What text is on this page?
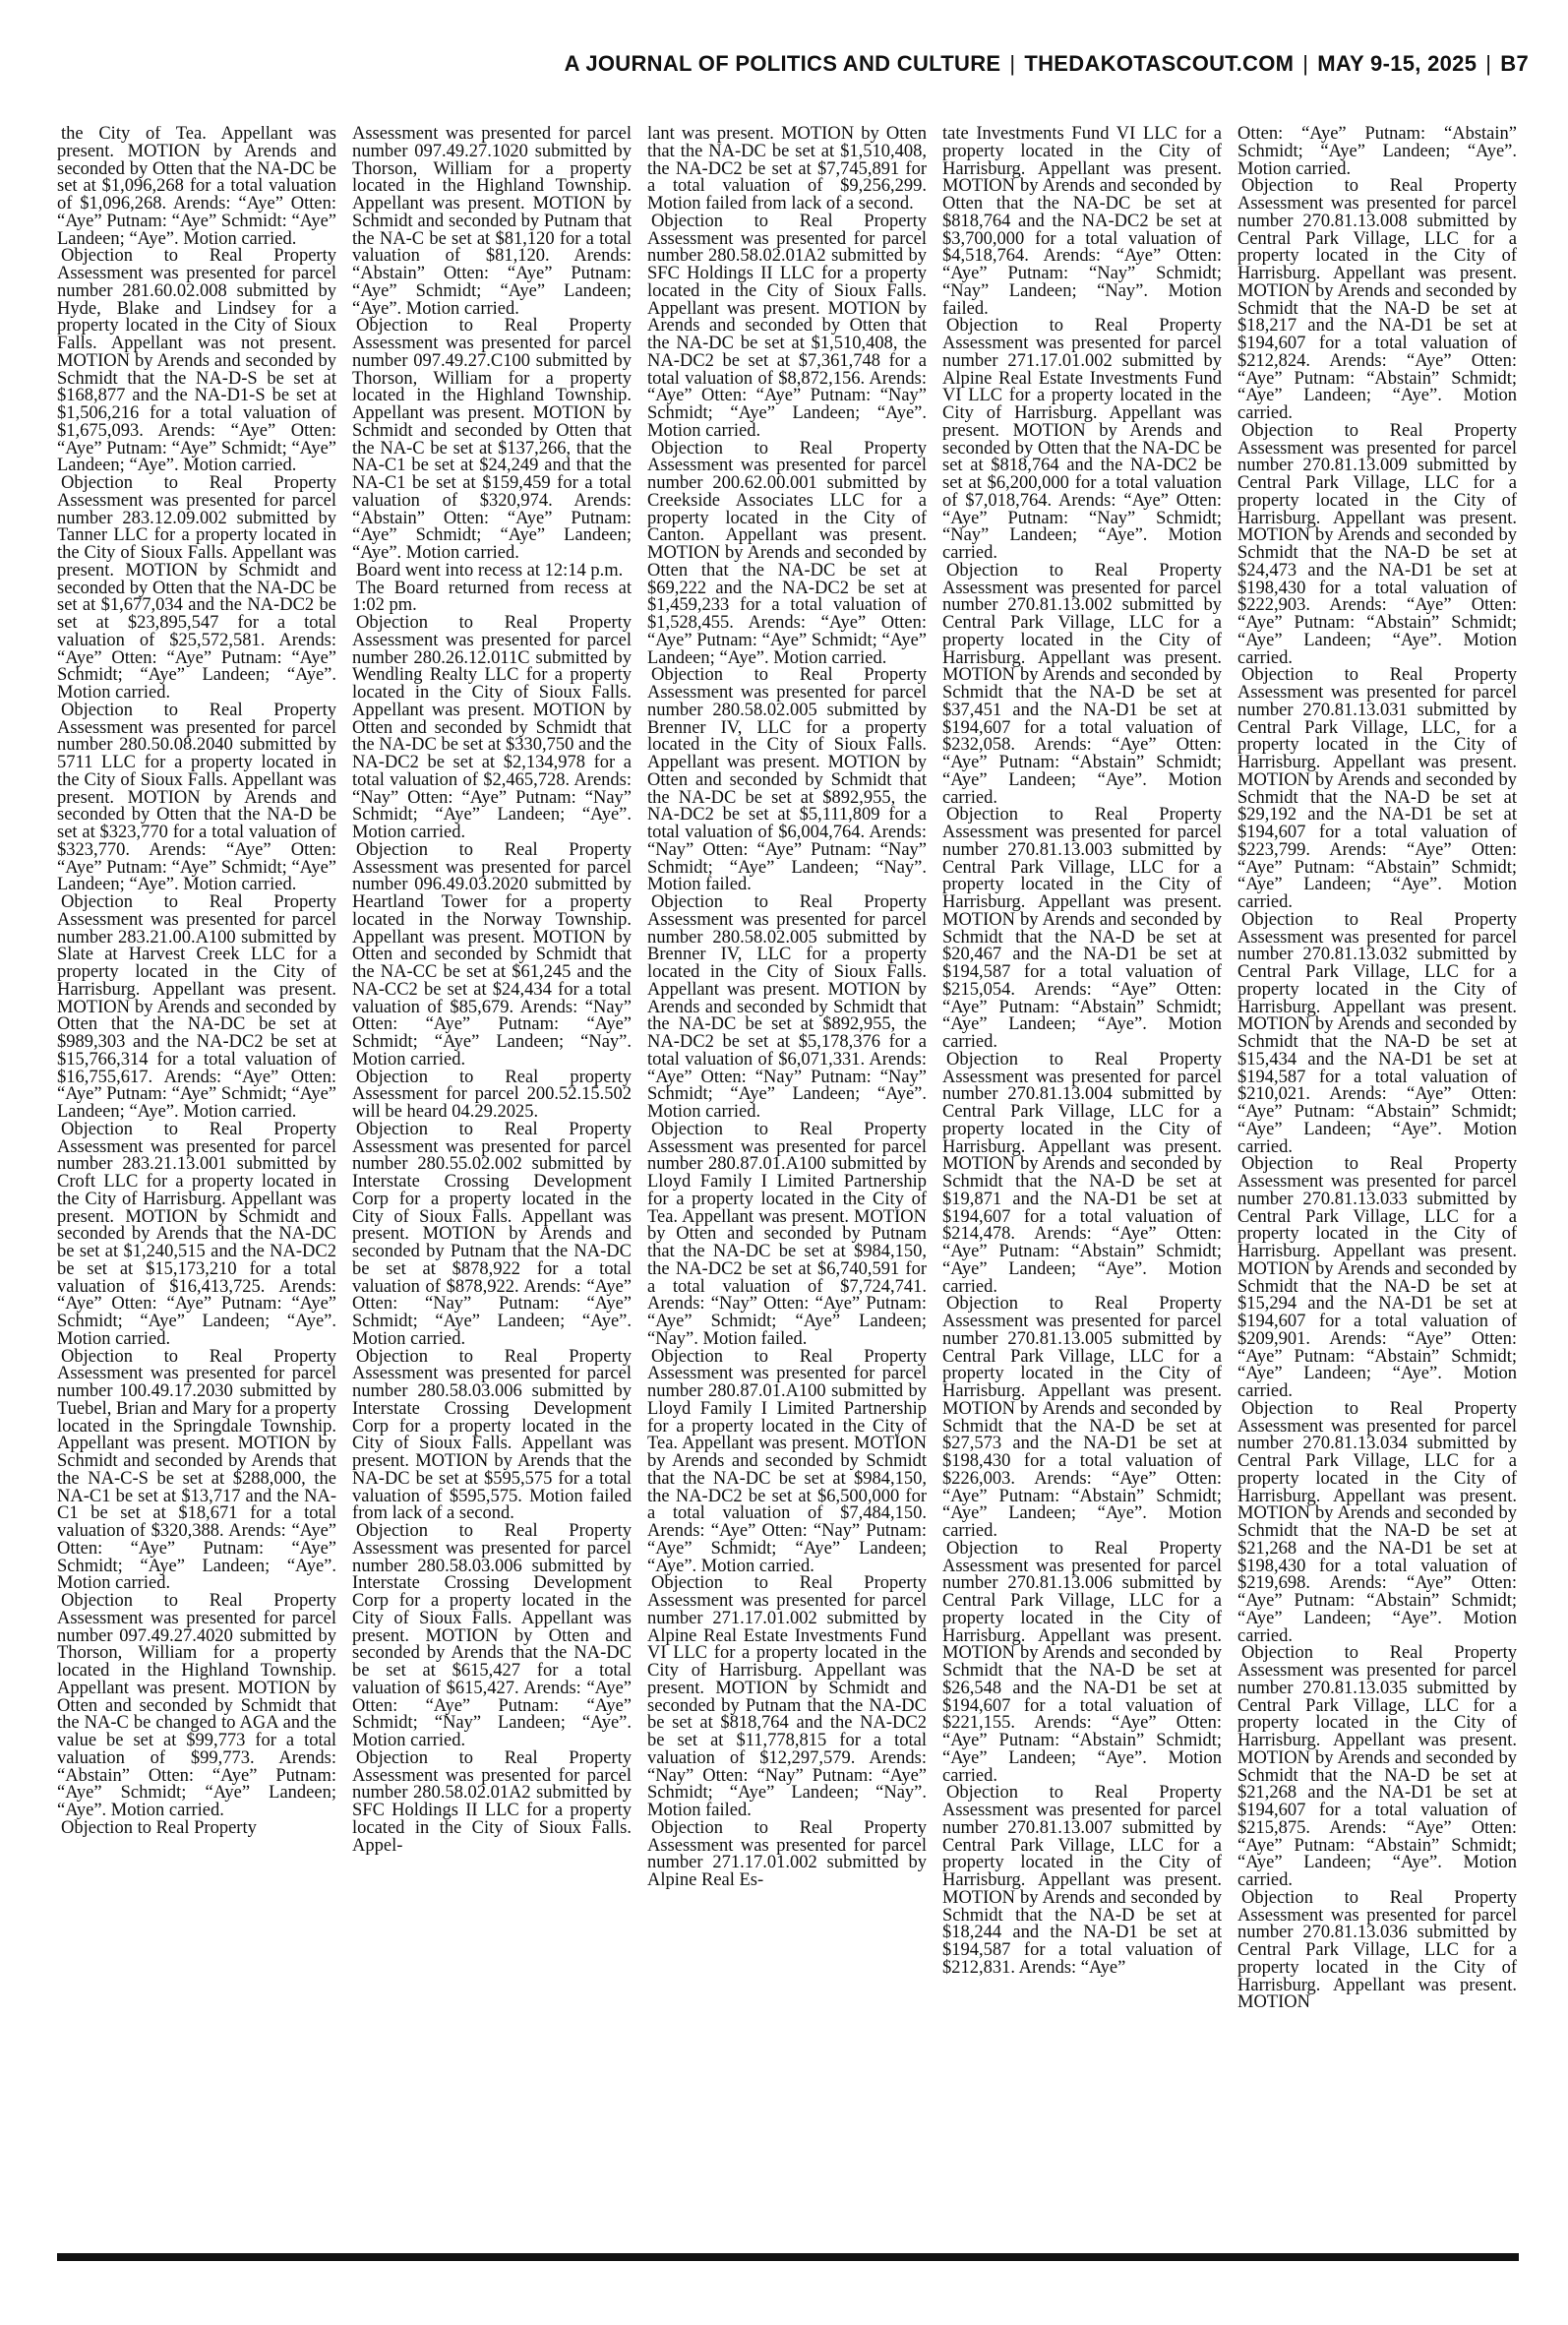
A JOURNAL OF POLITICS AND CULTURE | THEDAKOTASCOUT.COM | MAY 9-15, 2025 | B7

the City of Tea. Appellant was present. MOTION by Arends and seconded by Otten that the NA-DC be set at $1,096,268 for a total valuation of $1,096,268. Arends: “Aye” Otten: “Aye” Putnam: “Aye” Schmidt: “Aye” Landeen; “Aye”. Motion carried.

Objection to Real Property Assessment was presented for parcel number 281.60.02.008 submitted by Hyde, Blake and Lindsey for a property located in the City of Sioux Falls. Appellant was not present. MOTION by Arends and seconded by Schmidt that the NA-D-S be set at $168,877 and the NA-D1-S be set at $1,506,216 for a total valuation of $1,675,093. Arends: “Aye” Otten: “Aye” Putnam: “Aye” Schmidt; “Aye” Landeen; “Aye”. Motion carried.

Objection to Real Property Assessment was presented for parcel number 283.12.09.002 submitted by Tanner LLC for a property located in the City of Sioux Falls. Appellant was present. MOTION by Schmidt and seconded by Otten that the NA-DC be set at $1,677,034 and the NA-DC2 be set at $23,895,547 for a total valuation of $25,572,581. Arends: “Aye” Otten: “Aye” Putnam: “Aye” Schmidt; “Aye” Landeen; “Aye”. Motion carried.

Objection to Real Property Assessment was presented for parcel number 280.50.08.2040 submitted by 5711 LLC for a property located in the City of Sioux Falls. Appellant was present. MOTION by Arends and seconded by Otten that the NA-D be set at $323,770 for a total valuation of $323,770. Arends: “Aye” Otten: “Aye” Putnam: “Aye” Schmidt; “Aye” Landeen; “Aye”. Motion carried.

Objection to Real Property Assessment was presented for parcel number 283.21.00.A100 submitted by Slate at Harvest Creek LLC for a property located in the City of Harrisburg. Appellant was present. MOTION by Arends and seconded by Otten that the NA-DC be set at $989,303 and the NA-DC2 be set at $15,766,314 for a total valuation of $16,755,617. Arends: “Aye” Otten: “Aye” Putnam: “Aye” Schmidt; “Aye” Landeen; “Aye”. Motion carried.

Objection to Real Property Assessment was presented for parcel number 283.21.13.001 submitted by Croft LLC for a property located in the City of Harrisburg. Appellant was present. MOTION by Schmidt and seconded by Arends that the NA-DC be set at $1,240,515 and the NA-DC2 be set at $15,173,210 for a total valuation of $16,413,725. Arends: “Aye” Otten: “Aye” Putnam: “Aye” Schmidt; “Aye” Landeen; “Aye”. Motion carried.

Objection to Real Property Assessment was presented for parcel number 100.49.17.2030 submitted by Tuebel, Brian and Mary for a property located in the Springdale Township. Appellant was present. MOTION by Schmidt and seconded by Arends that the NA-C-S be set at $288,000, the NA-C1 be set at $13,717 and the NA-C1 be set at $18,671 for a total valuation of $320,388. Arends: “Aye” Otten: “Aye” Putnam: “Aye” Schmidt; “Aye” Landeen; “Aye”. Motion carried.

Objection to Real Property Assessment was presented for parcel number 097.49.27.4020 submitted by Thorson, William for a property located in the Highland Township. Appellant was present. MOTION by Otten and seconded by Schmidt that the NA-C be changed to AGA and the value be set at $99,773 for a total valuation of $99,773. Arends: “Abstain” Otten: “Aye” Putnam: “Aye” Schmidt; “Aye” Landeen; “Aye”. Motion carried.

Objection to Real Property

Assessment was presented for parcel number 097.49.27.1020 submitted by Thorson, William for a property located in the Highland Township. Appellant was present. MOTION by Schmidt and seconded by Putnam that the NA-C be set at $81,120 for a total valuation of $81,120. Arends: “Abstain” Otten: “Aye” Putnam: “Aye” Schmidt; “Aye” Landeen; “Aye”. Motion carried.

Objection to Real Property Assessment was presented for parcel number 097.49.27.C100 submitted by Thorson, William for a property located in the Highland Township. Appellant was present. MOTION by Schmidt and seconded by Otten that the NA-C be set at $137,266, that the NA-C1 be set at $24,249 and that the NA-C1 be set at $159,459 for a total valuation of $320,974. Arends: “Abstain” Otten: “Aye” Putnam: “Aye” Schmidt; “Aye” Landeen; “Aye”. Motion carried.

Board went into recess at 12:14 p.m.

The Board returned from recess at 1:02 pm.

Objection to Real Property Assessment was presented for parcel number 280.26.12.011C submitted by Wendling Realty LLC for a property located in the City of Sioux Falls. Appellant was present. MOTION by Otten and seconded by Schmidt that the NA-DC be set at $330,750 and the NA-DC2 be set at $2,134,978 for a total valuation of $2,465,728. Arends: “Nay” Otten: “Aye” Putnam: “Nay” Schmidt; “Aye” Landeen; “Aye”. Motion carried.

Objection to Real Property Assessment was presented for parcel number 096.49.03.2020 submitted by Heartland Tower for a property located in the Norway Township. Appellant was present. MOTION by Otten and seconded by Schmidt that the NA-CC be set at $61,245 and the NA-CC2 be set at $24,434 for a total valuation of $85,679. Arends: “Nay” Otten: “Aye” Putnam: “Aye” Schmidt; “Aye” Landeen; “Nay”. Motion carried.

Objection to Real property Assessment for parcel 200.52.15.502 will be heard 04.29.2025.

Objection to Real Property Assessment was presented for parcel number 280.55.02.002 submitted by Interstate Crossing Development Corp for a property located in the City of Sioux Falls. Appellant was present. MOTION by Arends and seconded by Putnam that the NA-DC be set at $878,922 for a total valuation of $878,922. Arends: “Aye” Otten: “Nay” Putnam: “Aye” Schmidt; “Aye” Landeen; “Aye”. Motion carried.

Objection to Real Property Assessment was presented for parcel number 280.58.03.006 submitted by Interstate Crossing Development Corp for a property located in the City of Sioux Falls. Appellant was present. MOTION by Arends that the NA-DC be set at $595,575 for a total valuation of $595,575. Motion failed from lack of a second.

Objection to Real Property Assessment was presented for parcel number 280.58.03.006 submitted by Interstate Crossing Development Corp for a property located in the City of Sioux Falls. Appellant was present. MOTION by Otten and seconded by Arends that the NA-DC be set at $615,427 for a total valuation of $615,427. Arends: “Aye” Otten: “Aye” Putnam: “Aye” Schmidt; “Nay” Landeen; “Aye”. Motion carried.

Objection to Real Property Assessment was presented for parcel number 280.58.02.01A2 submitted by SFC Holdings II LLC for a property located in the City of Sioux Falls. Appel-

lant was present. MOTION by Otten that the NA-DC be set at $1,510,408, the NA-DC2 be set at $7,745,891 for a total valuation of $9,256,299. Motion failed from lack of a second.

Objection to Real Property Assessment was presented for parcel number 280.58.02.01A2 submitted by SFC Holdings II LLC for a property located in the City of Sioux Falls. Appellant was present. MOTION by Arends and seconded by Otten that the NA-DC be set at $1,510,408, the NA-DC2 be set at $7,361,748 for a total valuation of $8,872,156. Arends: “Aye” Otten: “Aye” Putnam: “Nay” Schmidt; “Aye” Landeen; “Aye”. Motion carried.

Objection to Real Property Assessment was presented for parcel number 200.62.00.001 submitted by Creekside Associates LLC for a property located in the City of Canton. Appellant was present. MOTION by Arends and seconded by Otten that the NA-DC be set at $69,222 and the NA-DC2 be set at $1,459,233 for a total valuation of $1,528,455. Arends: “Aye” Otten: “Aye” Putnam: “Aye” Schmidt; “Aye” Landeen; “Aye”. Motion carried.

Objection to Real Property Assessment was presented for parcel number 280.58.02.005 submitted by Brenner IV, LLC for a property located in the City of Sioux Falls. Appellant was present. MOTION by Otten and seconded by Schmidt that the NA-DC be set at $892,955, the NA-DC2 be set at $5,111,809 for a total valuation of $6,004,764. Arends: “Nay” Otten: “Aye” Putnam: “Nay” Schmidt; “Aye” Landeen; “Nay”. Motion failed.

Objection to Real Property Assessment was presented for parcel number 280.58.02.005 submitted by Brenner IV, LLC for a property located in the City of Sioux Falls. Appellant was present. MOTION by Arends and seconded by Schmidt that the NA-DC be set at $892,955, the NA-DC2 be set at $5,178,376 for a total valuation of $6,071,331. Arends: “Aye” Otten: “Nay” Putnam: “Nay” Schmidt; “Aye” Landeen; “Aye”. Motion carried.

Objection to Real Property Assessment was presented for parcel number 280.87.01.A100 submitted by Lloyd Family I Limited Partnership for a property located in the City of Tea. Appellant was present. MOTION by Otten and seconded by Putnam that the NA-DC be set at $984,150, the NA-DC2 be set at $6,740,591 for a total valuation of $7,724,741. Arends: “Nay” Otten: “Aye” Putnam: “Aye” Schmidt; “Aye” Landeen; “Nay”. Motion failed.

Objection to Real Property Assessment was presented for parcel number 280.87.01.A100 submitted by Lloyd Family I Limited Partnership for a property located in the City of Tea. Appellant was present. MOTION by Arends and seconded by Schmidt that the NA-DC be set at $984,150, the NA-DC2 be set at $6,500,000 for a total valuation of $7,484,150. Arends: “Aye” Otten: “Nay” Putnam: “Aye” Schmidt; “Aye” Landeen; “Aye”. Motion carried.

Objection to Real Property Assessment was presented for parcel number 271.17.01.002 submitted by Alpine Real Estate Investments Fund VI LLC for a property located in the City of Harrisburg. Appellant was present. MOTION by Schmidt and seconded by Putnam that the NA-DC be set at $818,764 and the NA-DC2 be set at $11,778,815 for a total valuation of $12,297,579. Arends: “Nay” Otten: “Nay” Putnam: “Aye” Schmidt; “Aye” Landeen; “Nay”. Motion failed.

Objection to Real Property Assessment was presented for parcel number 271.17.01.002 submitted by Alpine Real Es-

tate Investments Fund VI LLC for a property located in the City of Harrisburg. Appellant was present. MOTION by Arends and seconded by Otten that the NA-DC be set at $818,764 and the NA-DC2 be set at $3,700,000 for a total valuation of $4,518,764. Arends: “Aye” Otten: “Aye” Putnam: “Nay” Schmidt; “Nay” Landeen; “Nay”. Motion failed.

Objection to Real Property Assessment was presented for parcel number 271.17.01.002 submitted by Alpine Real Estate Investments Fund VI LLC for a property located in the City of Harrisburg. Appellant was present. MOTION by Arends and seconded by Otten that the NA-DC be set at $818,764 and the NA-DC2 be set at $6,200,000 for a total valuation of $7,018,764. Arends: “Aye” Otten: “Aye” Putnam: “Nay” Schmidt; “Nay” Landeen; “Aye”. Motion carried.

Objection to Real Property Assessment was presented for parcel number 270.81.13.002 submitted by Central Park Village, LLC for a property located in the City of Harrisburg. Appellant was present. MOTION by Arends and seconded by Schmidt that the NA-D be set at $37,451 and the NA-D1 be set at $194,607 for a total valuation of $232,058. Arends: “Aye” Otten: “Aye” Putnam: “Abstain” Schmidt; “Aye” Landeen; “Aye”. Motion carried.

Objection to Real Property Assessment was presented for parcel number 270.81.13.003 submitted by Central Park Village, LLC for a property located in the City of Harrisburg. Appellant was present. MOTION by Arends and seconded by Schmidt that the NA-D be set at $20,467 and the NA-D1 be set at $194,587 for a total valuation of $215,054. Arends: “Aye” Otten: “Aye” Putnam: “Abstain” Schmidt; “Aye” Landeen; “Aye”. Motion carried.

Objection to Real Property Assessment was presented for parcel number 270.81.13.004 submitted by Central Park Village, LLC for a property located in the City of Harrisburg. Appellant was present. MOTION by Arends and seconded by Schmidt that the NA-D be set at $19,871 and the NA-D1 be set at $194,607 for a total valuation of $214,478. Arends: “Aye” Otten: “Aye” Putnam: “Abstain” Schmidt; “Aye” Landeen; “Aye”. Motion carried.

Objection to Real Property Assessment was presented for parcel number 270.81.13.005 submitted by Central Park Village, LLC for a property located in the City of Harrisburg. Appellant was present. MOTION by Arends and seconded by Schmidt that the NA-D be set at $27,573 and the NA-D1 be set at $198,430 for a total valuation of $226,003. Arends: “Aye” Otten: “Aye” Putnam: “Abstain” Schmidt; “Aye” Landeen; “Aye”. Motion carried.

Objection to Real Property Assessment was presented for parcel number 270.81.13.006 submitted by Central Park Village, LLC for a property located in the City of Harrisburg. Appellant was present. MOTION by Arends and seconded by Schmidt that the NA-D be set at $26,548 and the NA-D1 be set at $194,607 for a total valuation of $221,155. Arends: “Aye” Otten: “Aye” Putnam: “Abstain” Schmidt; “Aye” Landeen; “Aye”. Motion carried.

Objection to Real Property Assessment was presented for parcel number 270.81.13.007 submitted by Central Park Village, LLC for a property located in the City of Harrisburg. Appellant was present. MOTION by Arends and seconded by Schmidt that the NA-D be set at $18,244 and the NA-D1 be set at $194,587 for a total valuation of $212,831. Arends: “Aye”

Otten: “Aye” Putnam: “Abstain” Schmidt; “Aye” Landeen; “Aye”. Motion carried.

Objection to Real Property Assessment was presented for parcel number 270.81.13.008 submitted by Central Park Village, LLC for a property located in the City of Harrisburg. Appellant was present. MOTION by Arends and seconded by Schmidt that the NA-D be set at $18,217 and the NA-D1 be set at $194,607 for a total valuation of $212,824. Arends: “Aye” Otten: “Aye” Putnam: “Abstain” Schmidt; “Aye” Landeen; “Aye”. Motion carried.

Objection to Real Property Assessment was presented for parcel number 270.81.13.009 submitted by Central Park Village, LLC for a property located in the City of Harrisburg. Appellant was present. MOTION by Arends and seconded by Schmidt that the NA-D be set at $24,473 and the NA-D1 be set at $198,430 for a total valuation of $222,903. Arends: “Aye” Otten: “Aye” Putnam: “Abstain” Schmidt; “Aye” Landeen; “Aye”. Motion carried.

Objection to Real Property Assessment was presented for parcel number 270.81.13.031 submitted by Central Park Village, LLC, for a property located in the City of Harrisburg. Appellant was present. MOTION by Arends and seconded by Schmidt that the NA-D be set at $29,192 and the NA-D1 be set at $194,607 for a total valuation of $223,799. Arends: “Aye” Otten: “Aye” Putnam: “Abstain” Schmidt; “Aye” Landeen; “Aye”. Motion carried.

Objection to Real Property Assessment was presented for parcel number 270.81.13.032 submitted by Central Park Village, LLC for a property located in the City of Harrisburg. Appellant was present. MOTION by Arends and seconded by Schmidt that the NA-D be set at $15,434 and the NA-D1 be set at $194,587 for a total valuation of $210,021. Arends: “Aye” Otten: “Aye” Putnam: “Abstain” Schmidt; “Aye” Landeen; “Aye”. Motion carried.

Objection to Real Property Assessment was presented for parcel number 270.81.13.033 submitted by Central Park Village, LLC for a property located in the City of Harrisburg. Appellant was present. MOTION by Arends and seconded by Schmidt that the NA-D be set at $15,294 and the NA-D1 be set at $194,607 for a total valuation of $209,901. Arends: “Aye” Otten: “Aye” Putnam: “Abstain” Schmidt; “Aye” Landeen; “Aye”. Motion carried.

Objection to Real Property Assessment was presented for parcel number 270.81.13.034 submitted by Central Park Village, LLC for a property located in the City of Harrisburg. Appellant was present. MOTION by Arends and seconded by Schmidt that the NA-D be set at $21,268 and the NA-D1 be set at $198,430 for a total valuation of $219,698. Arends: “Aye” Otten: “Aye” Putnam: “Abstain” Schmidt; “Aye” Landeen; “Aye”. Motion carried.

Objection to Real Property Assessment was presented for parcel number 270.81.13.035 submitted by Central Park Village, LLC for a property located in the City of Harrisburg. Appellant was present. MOTION by Arends and seconded by Schmidt that the NA-D be set at $21,268 and the NA-D1 be set at $194,607 for a total valuation of $215,875. Arends: “Aye” Otten: “Aye” Putnam: “Abstain” Schmidt; “Aye” Landeen; “Aye”. Motion carried.

Objection to Real Property Assessment was presented for parcel number 270.81.13.036 submitted by Central Park Village, LLC for a property located in the City of Harrisburg. Appellant was present. MOTION
